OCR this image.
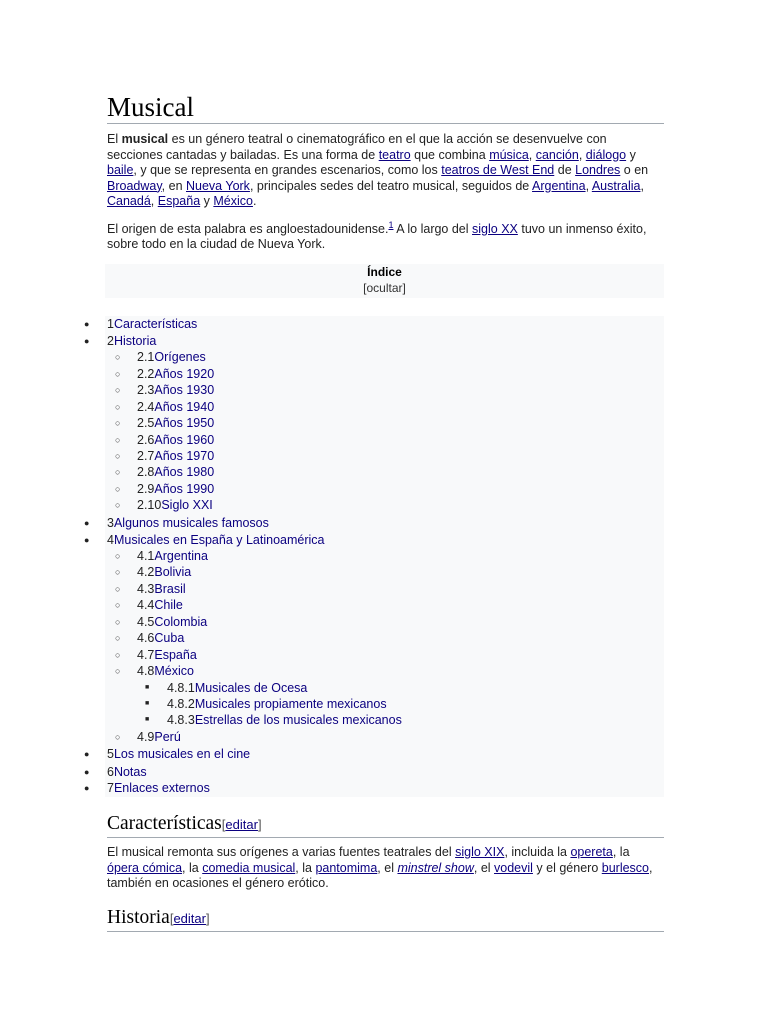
Musical

El musical es un género teatral o cinematográfico en el que la acción se desenvuelve con secciones cantadas y bailadas. Es una forma de teatro que combina música, canción, diálogo y baile, y que se representa en grandes escenarios, como los teatros de West End de Londres o en Broadway, en Nueva York, principales sedes del teatro musical, seguidos de Argentina, Australia, Canadá, España y México.

El origen de esta palabra es angloestadounidense.$^1$ A lo largo del siglo XX tuvo un inmenso éxito, sobre todo en la ciudad de Nueva York.

Índice
[ocultar]
● 1Características
● 2Historia
○ 2.1Orígenes
○ 2.2Años 1920
○ 2.3Años 1930
○ 2.4Años 1940
○ 2.5Años 1950
○ 2.6Años 1960
○ 2.7Años 1970
○ 2.8Años 1980
○ 2.9Años 1990
○ 2.10Siglo XXI
● 3Algunos musicales famosos
● 4Musicales en España y Latinoamérica
○ 4.1Argentina
○ 4.2Bolivia
○ 4.3Brasil
○ 4.4Chile
○ 4.5Colombia
○ 4.6Cuba
○ 4.7España
○ 4.8México
■ 4.8.1Musicales de Ocesa
■ 4.8.2Musicales propiamente mexicanos
■ 4.8.3Estrellas de los musicales mexicanos
○ 4.9Perú
● 5Los musicales en el cine
● 6Notas
● 7Enlaces externos
Características[editar]

El musical remonta sus orígenes a varias fuentes teatrales del siglo XIX, incluida la opereta, la ópera cómica, la comedia musical, la pantomima, el minstrel show, el vodevil y el género burlesco, también en ocasiones el género erótico.

Historia[editar]
